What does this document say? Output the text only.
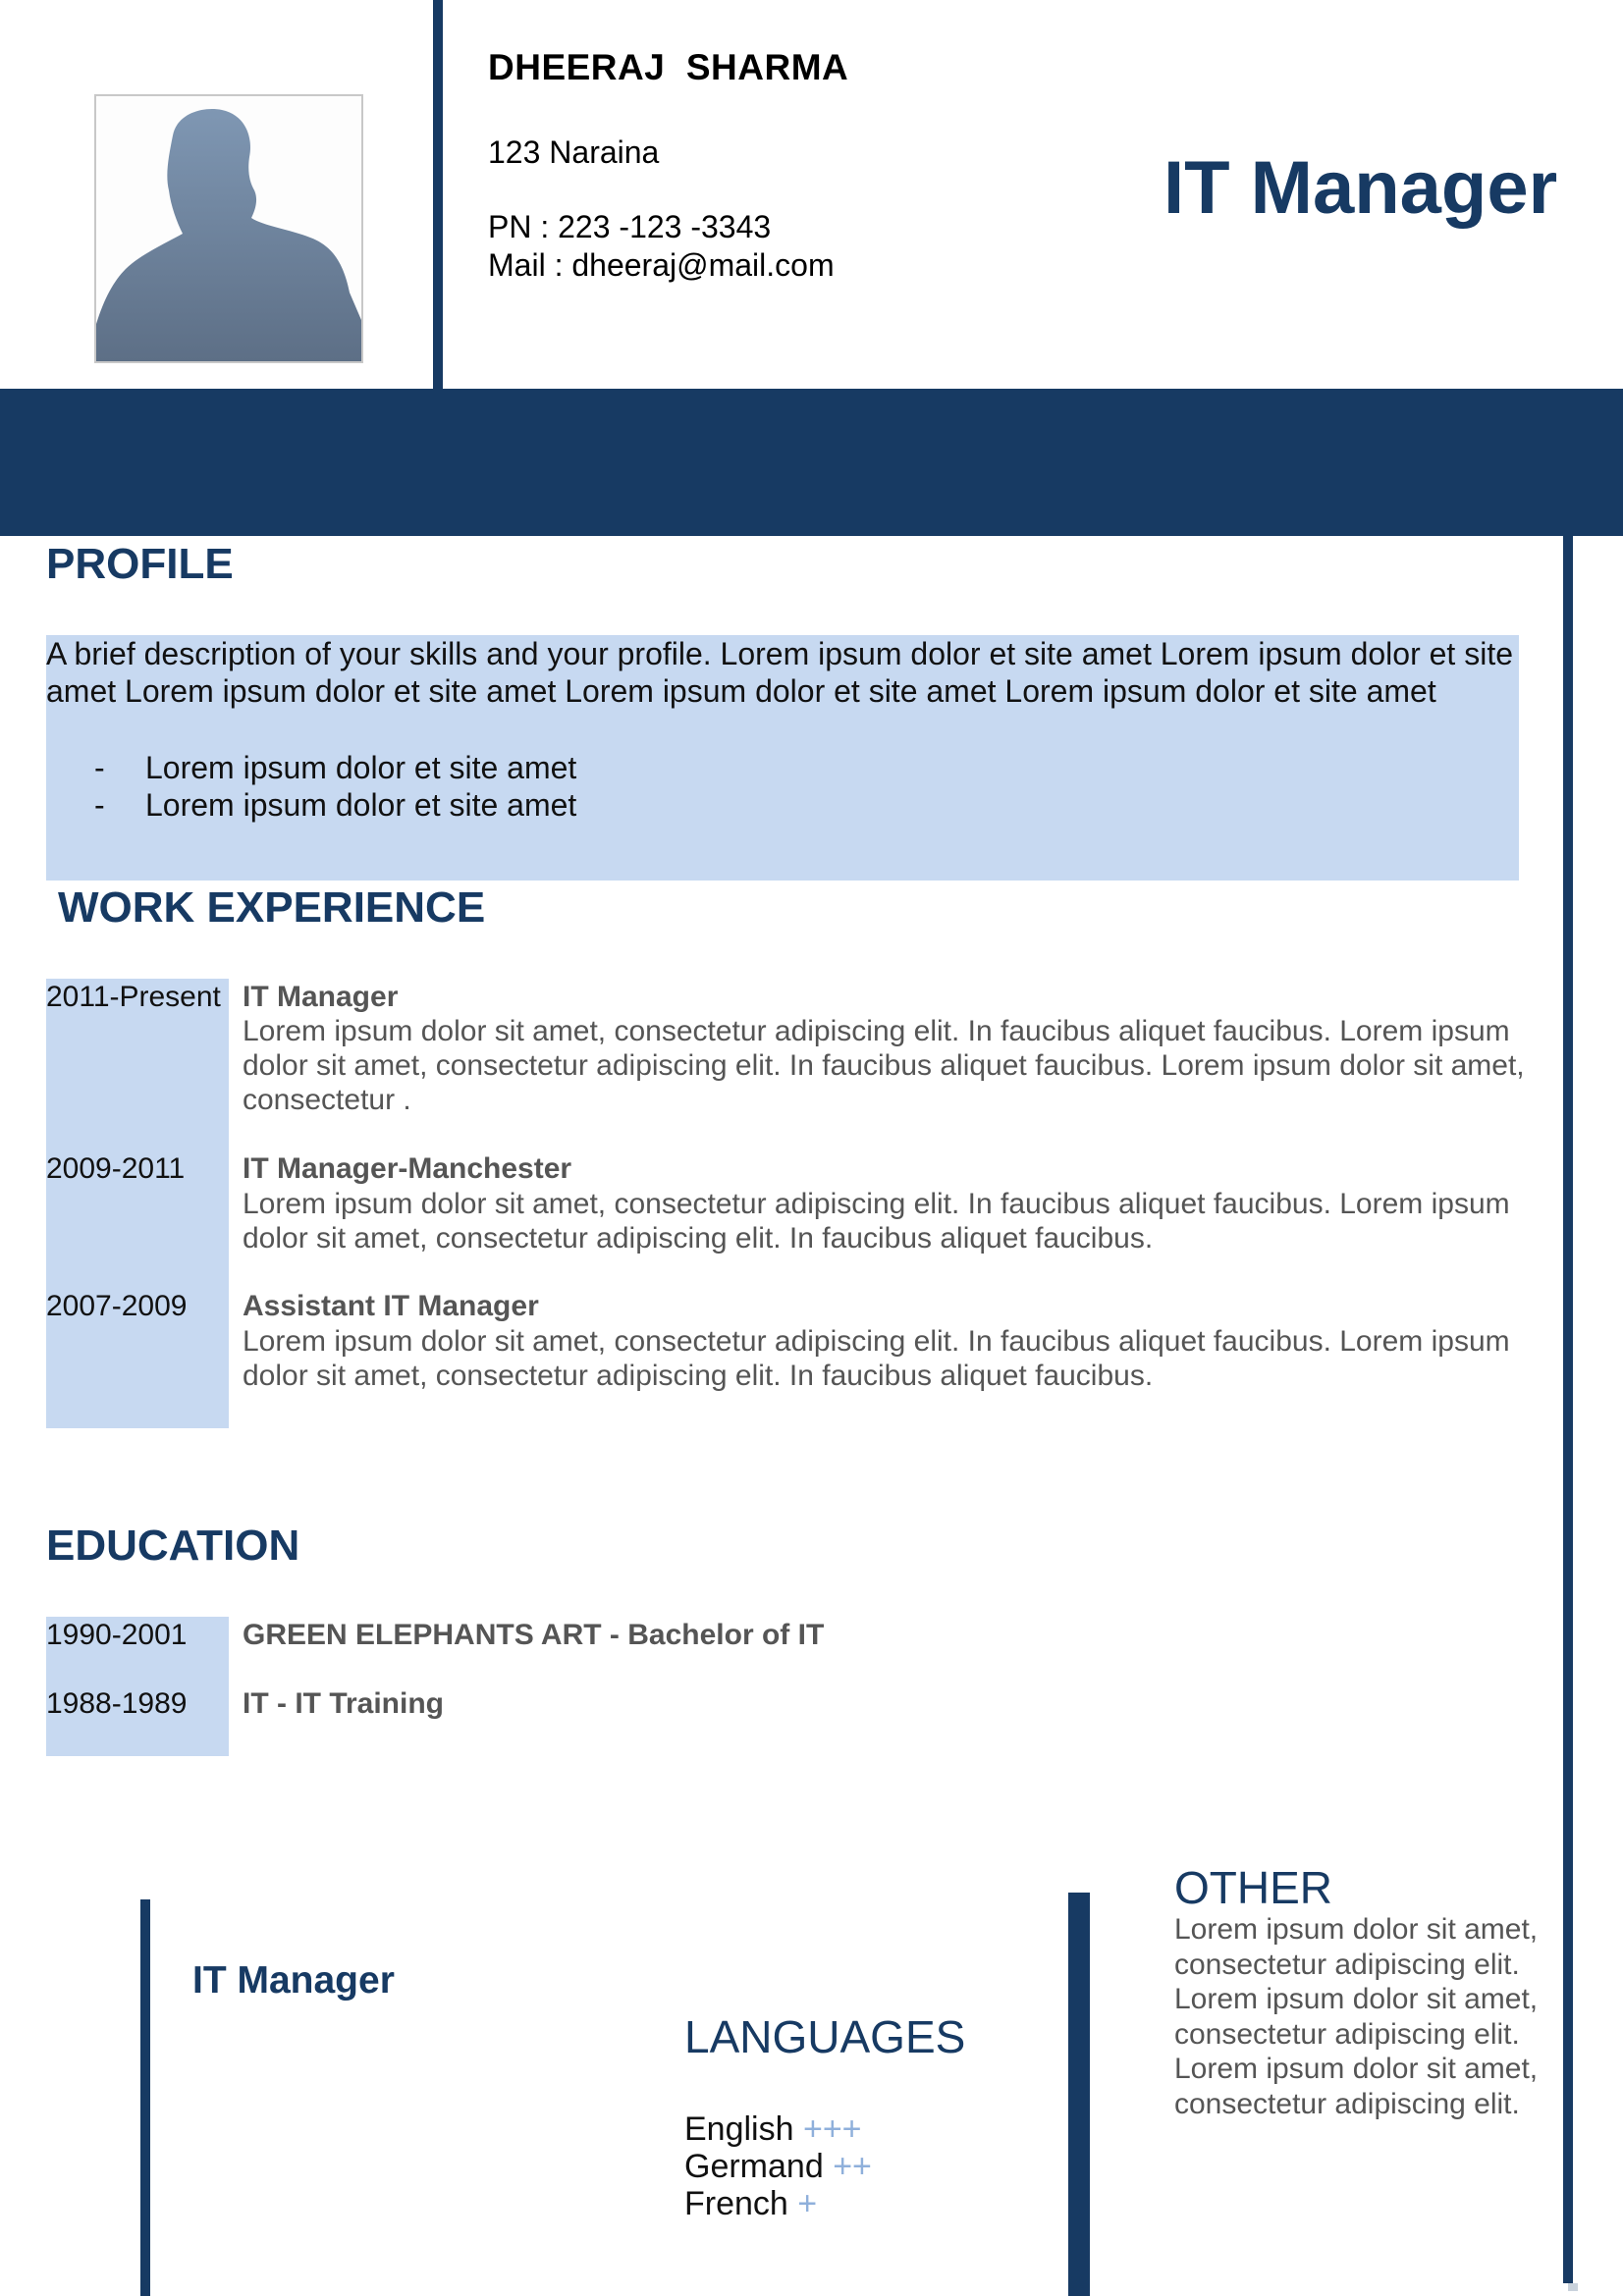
DHEERAJ  SHARMA
123 Naraina
PN : 223 -123 -3343
Mail : dheeraj@mail.com
IT Manager
PROFILE
A brief description of your skills and your profile. Lorem ipsum dolor et site amet Lorem ipsum dolor et site amet Lorem ipsum dolor et site amet Lorem ipsum dolor et site amet Lorem ipsum dolor et site amet
- Lorem ipsum dolor et site amet
- Lorem ipsum dolor et site amet
WORK EXPERIENCE
2011-Present IT Manager
Lorem ipsum dolor sit amet, consectetur adipiscing elit. In faucibus aliquet faucibus. Lorem ipsum dolor sit amet, consectetur adipiscing elit. In faucibus aliquet faucibus. Lorem ipsum dolor sit amet, consectetur .
2009-2011 IT Manager-Manchester
Lorem ipsum dolor sit amet, consectetur adipiscing elit. In faucibus aliquet faucibus. Lorem ipsum dolor sit amet, consectetur adipiscing elit. In faucibus aliquet faucibus.
2007-2009 Assistant IT Manager
Lorem ipsum dolor sit amet, consectetur adipiscing elit. In faucibus aliquet faucibus. Lorem ipsum dolor sit amet, consectetur adipiscing elit. In faucibus aliquet faucibus.
EDUCATION
1990-2001 GREEN ELEPHANTS ART - Bachelor of IT
1988-1989 IT - IT Training
IT Manager
LANGUAGES
English +++
Germand ++
French +
OTHER
Lorem ipsum dolor sit amet, consectetur adipiscing elit. Lorem ipsum dolor sit amet, consectetur adipiscing elit. Lorem ipsum dolor sit amet, consectetur adipiscing elit.
